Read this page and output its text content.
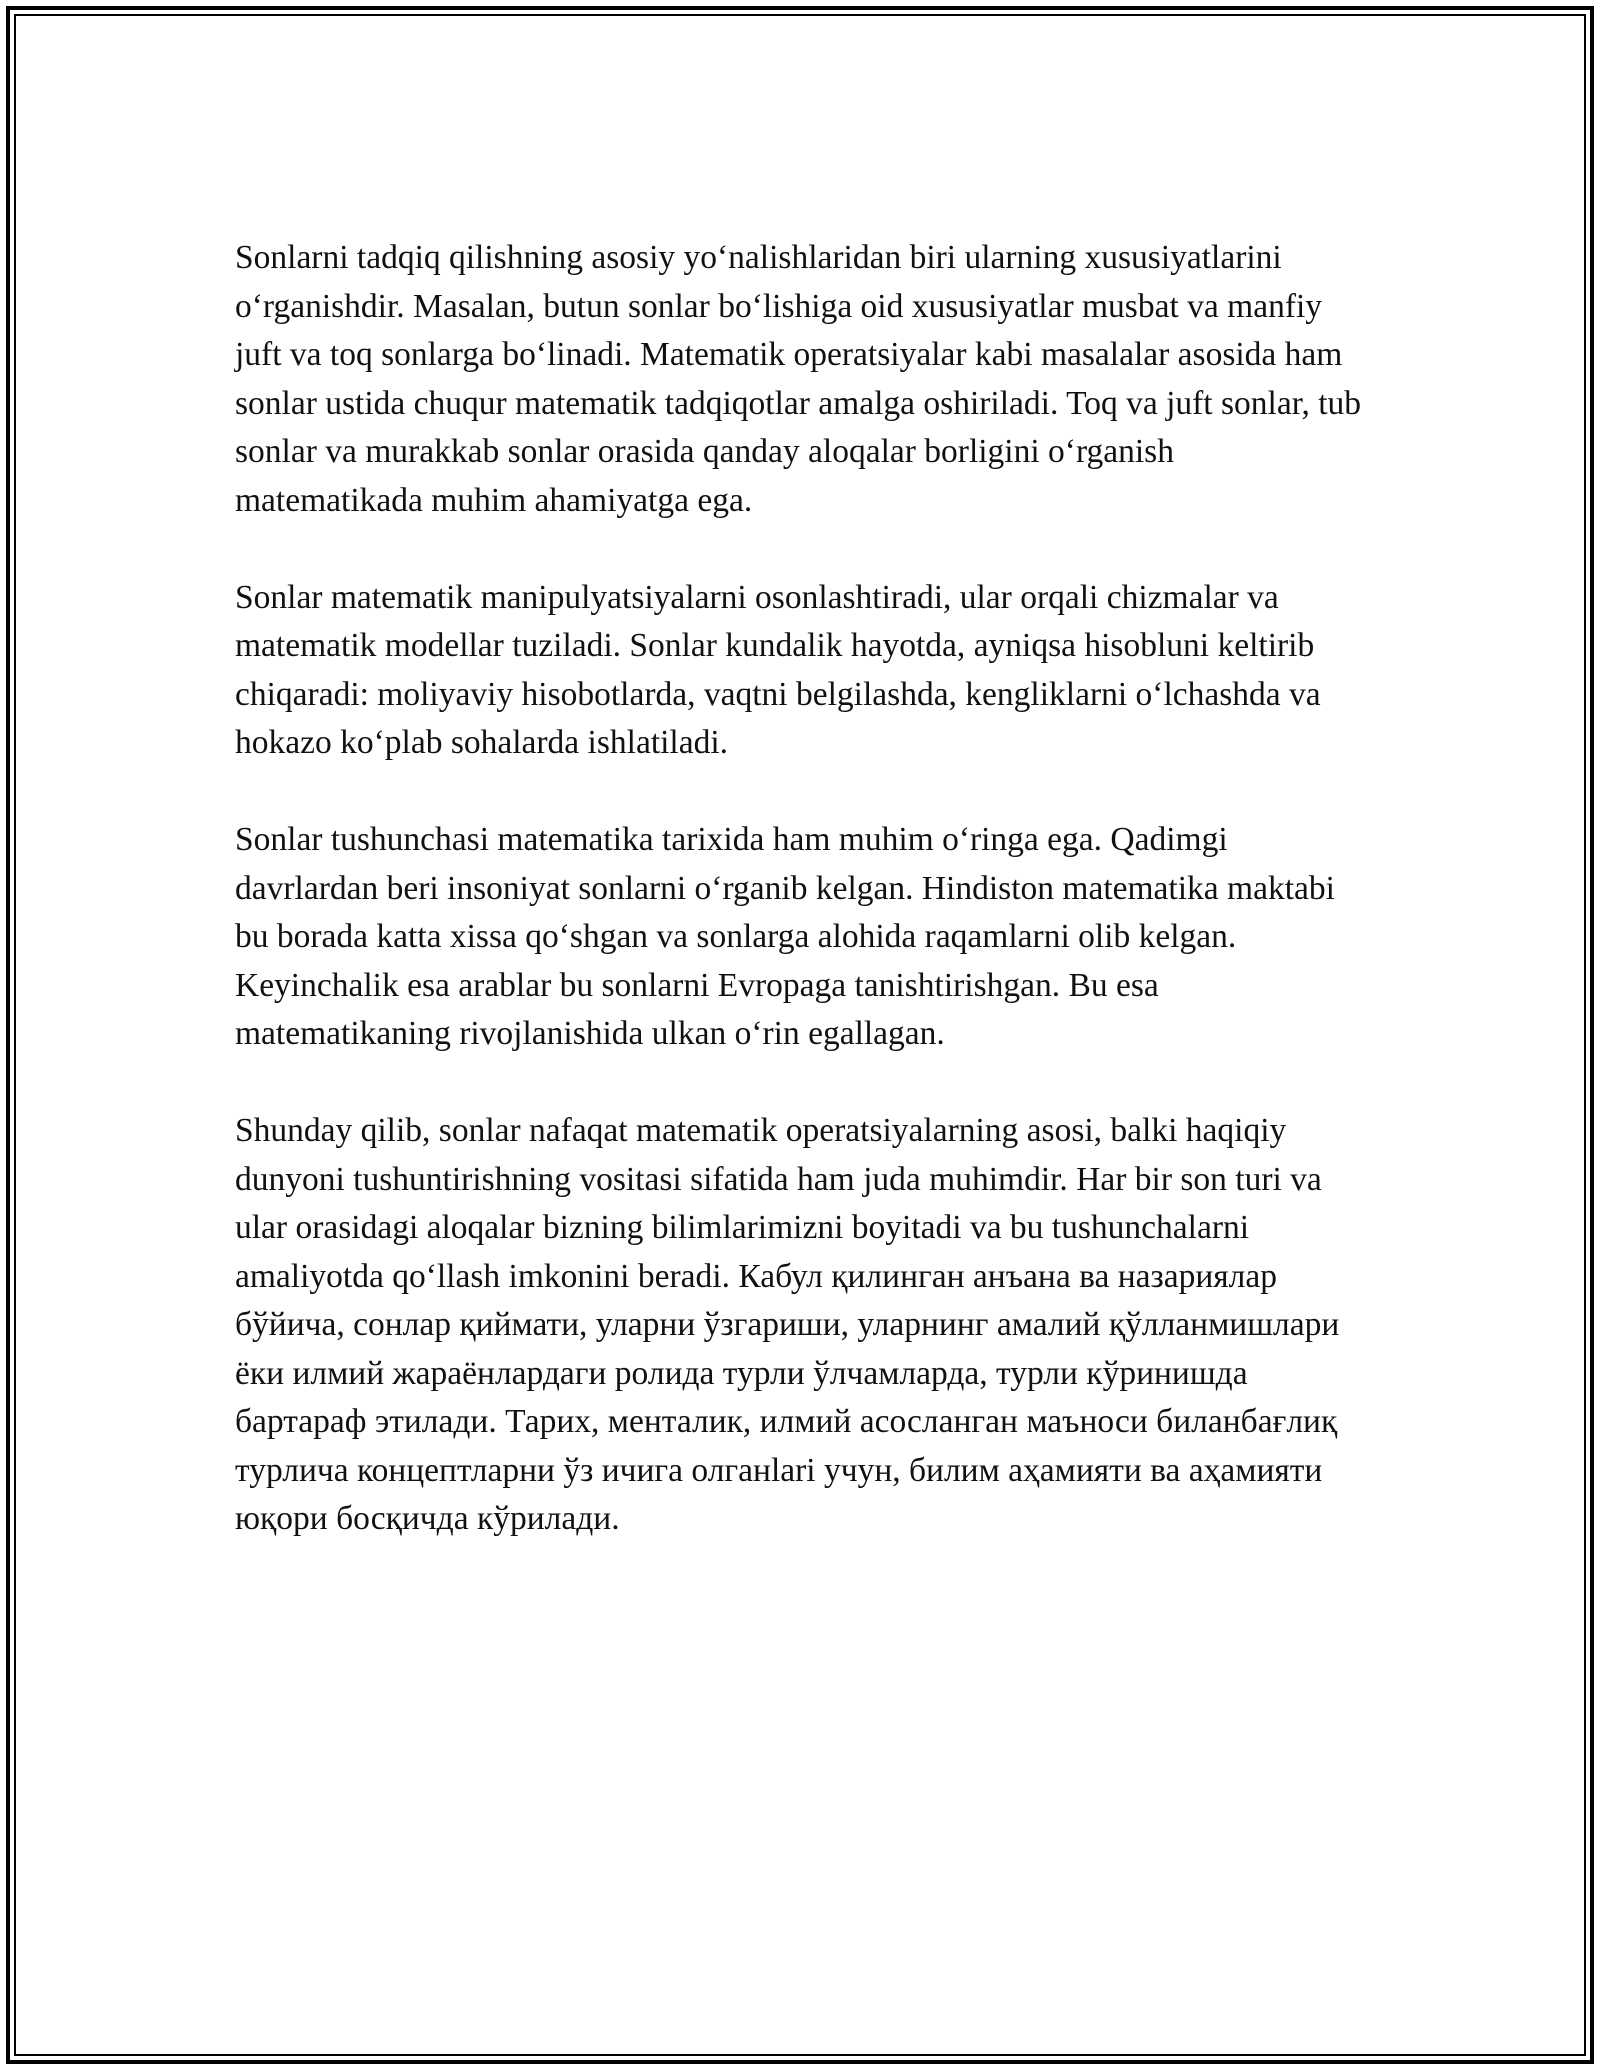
Sonlarni tadqiq qilishning asosiy yo‘nalishlaridan biri ularning xususiyatlarini o‘rganishdir. Masalan, butun sonlar bo‘lishiga oid xususiyatlar musbat va manfiy juft va toq sonlarga bo‘linadi. Matematik operatsiyalar kabi masalalar asosida ham sonlar ustida chuqur matematik tadqiqotlar amalga oshiriladi. Toq va juft sonlar, tub sonlar va murakkab sonlar orasida qanday aloqalar borligini o‘rganish matematikada muhim ahamiyatga ega.

Sonlar matematik manipulyatsiyalarni osonlashtiradi, ular orqali chizmalar va matematik modellar tuziladi. Sonlar kundalik hayotda, ayniqsa hisobluni keltirib chiqaradi: moliyaviy hisobotlarda, vaqtni belgilashda, kengliklarni o‘lchashda va hokazo ko‘plab sohalarda ishlatiladi.

Sonlar tushunchasi matematika tarixida ham muhim o‘ringa ega. Qadimgi davrlardan beri insoniyat sonlarni o‘rganib kelgan. Hindiston matematika maktabi bu borada katta xissa qo‘shgan va sonlarga alohida raqamlarni olib kelgan. Keyinchalik esa arablar bu sonlarni Evropaga tanishtirishgan. Bu esa matematikaning rivojlanishida ulkan o‘rin egallagan.

Shunday qilib, sonlar nafaqat matematik operatsiyalarning asosi, balki haqiqiy dunyoni tushuntirishning vositasi sifatida ham juda muhimdir. Har bir son turi va ular orasidagi aloqalar bizning bilimlarimizni boyitadi va bu tushunchalarni amaliyotda qo‘llash imkonini beradi. Кабул қилинган анъана ва назариялар бўйича, сонлар қиймати, уларни ўзгариши, уларнинг амалий қўлланмишлари ёки илмий жараёнлардаги ролида турли ўлчамларда, турли кўринишда бартараф этилади. Тарих, менталик, илмий асосланган маъноси биланбағлиқ турлича концептларни ўз ичига олганlari учун, билим аҳамияти ва аҳамияти юқори босқичда кўрилади.
